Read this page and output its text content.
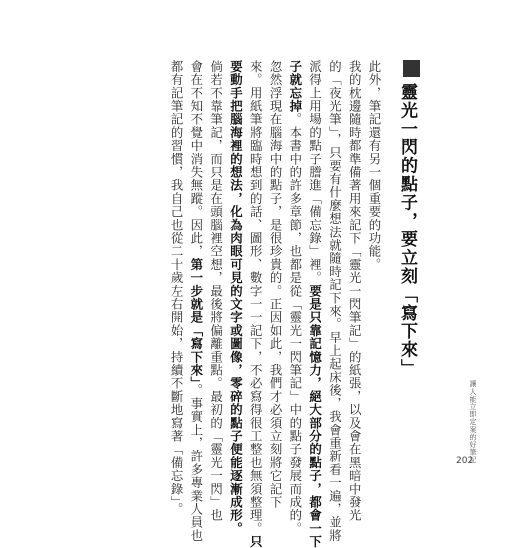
靈光一閃的點子，要立刻「寫下來」
此外，筆記還有另一個重要的功能。
我的枕邊隨時都準備著用來記下「靈光一閃筆記」的紙張，以及會在黑暗中發光
的「夜光筆」，只要有什麼想法就隨時記下來。早上起床後，我會重新看一遍，並將
派得上用場的點子謄進「備忘錄」裡。要是只靠記憶力，絕大部分的點子，都會一下
子就忘掉。本書中的許多章節，也都是從「靈光一閃筆記」中的點子發展而成的。
忽然浮現在腦海中的點子，是很珍貴的。正因如此，我們才必須立刻將它記下
來。用紙筆將臨時想到的話、圖形、數字一一記下，不必寫得很工整也無須整理。只
要動手把腦海裡的想法，化為肉眼可見的文字或圖像，零碎的點子便能逐漸成形。
倘若不靠筆記，而只是在頭腦裡空想，最後將偏離重點。最初的「靈光一閃」也
會在不知不覺中消失無蹤。因此，第一步就是「寫下來」。事實上，許多專業人員也
都有記筆記的習慣，我自己也從二十歲左右開始，持續不斷地寫著「備忘錄」。	讓人能立即定案的好筆記
202
